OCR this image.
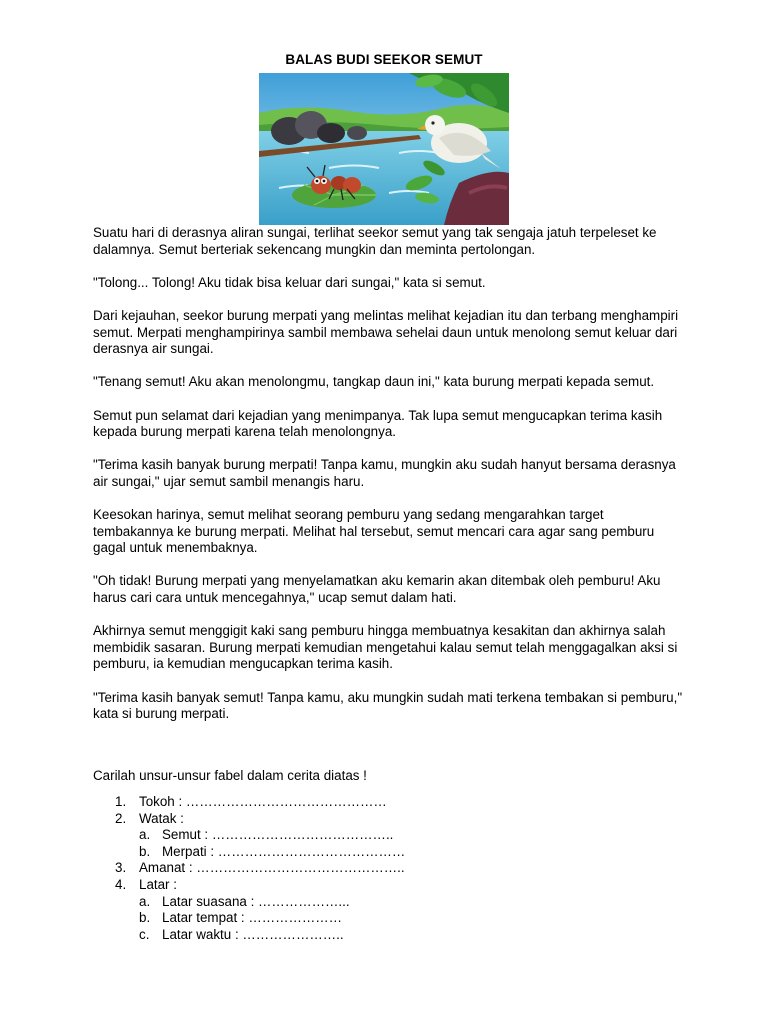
BALAS BUDI SEEKOR SEMUT

Suatu hari di derasnya aliran sungai, terlihat seekor semut yang tak sengaja jatuh terpeleset ke dalamnya. Semut berteriak sekencang mungkin dan meminta pertolongan.

"Tolong... Tolong! Aku tidak bisa keluar dari sungai," kata si semut.

Dari kejauhan, seekor burung merpati yang melintas melihat kejadian itu dan terbang menghampiri semut. Merpati menghampirinya sambil membawa sehelai daun untuk menolong semut keluar dari derasnya air sungai.

"Tenang semut! Aku akan menolongmu, tangkap daun ini," kata burung merpati kepada semut.

Semut pun selamat dari kejadian yang menimpanya. Tak lupa semut mengucapkan terima kasih kepada burung merpati karena telah menolongnya.

"Terima kasih banyak burung merpati! Tanpa kamu, mungkin aku sudah hanyut bersama derasnya air sungai," ujar semut sambil menangis haru.

Keesokan harinya, semut melihat seorang pemburu yang sedang mengarahkan target tembakannya ke burung merpati. Melihat hal tersebut, semut mencari cara agar sang pemburu gagal untuk menembaknya.

"Oh tidak! Burung merpati yang menyelamatkan aku kemarin akan ditembak oleh pemburu! Aku harus cari cara untuk mencegahnya," ucap semut dalam hati.

Akhirnya semut menggigit kaki sang pemburu hingga membuatnya kesakitan dan akhirnya salah membidik sasaran. Burung merpati kemudian mengetahui kalau semut telah menggagalkan aksi si pemburu, ia kemudian mengucapkan terima kasih.

"Terima kasih banyak semut! Tanpa kamu, aku mungkin sudah mati terkena tembakan si pemburu," kata si burung merpati.

Carilah unsur-unsur fabel dalam cerita diatas !
1. Tokoh : ………………………………………
2. Watak :
a. Semut : …………………………………..
b. Merpati : ……………………………………
3. Amanat : ………………………………………..
4. Latar :
a. Latar suasana : ………………...
b. Latar tempat : …………………
c. Latar waktu : …………………..
